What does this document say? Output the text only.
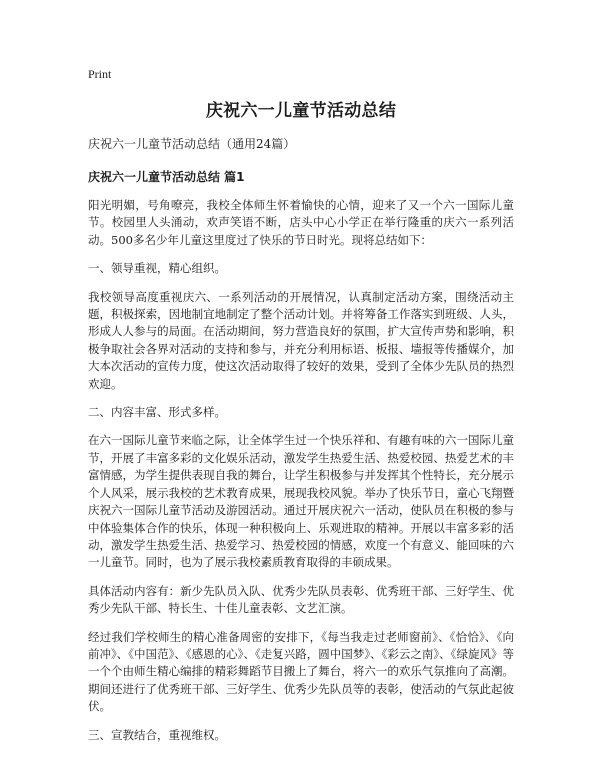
Print
庆祝六一儿童节活动总结
庆祝六一儿童节活动总结（通用24篇）
庆祝六一儿童节活动总结 篇1

阳光明媚，号角嘹亮，我校全体师生怀着愉快的心情，迎来了又一个六一国际儿童节。校园里人头涌动，欢声笑语不断，店头中心小学正在举行隆重的庆六一系列活动。500多名少年儿童这里度过了快乐的节日时光。现将总结如下：

一、领导重视，精心组织。

我校领导高度重视庆六、一系列活动的开展情况，认真制定活动方案，围绕活动主题，积极探索，因地制宜地制定了整个活动计划。并将筹备工作落实到班级、人头，形成人人参与的局面。在活动期间，努力营造良好的氛围，扩大宣传声势和影响，积极争取社会各界对活动的支持和参与，并充分利用标语、板报、墙报等传播媒介，加大本次活动的宣传力度，使这次活动取得了较好的效果，受到了全体少先队员的热烈欢迎。

二、内容丰富、形式多样。

在六一国际儿童节来临之际，让全体学生过一个快乐祥和、有趣有味的六一国际儿童节，开展了丰富多彩的文化娱乐活动，激发学生热爱生活、热爱校园、热爱艺术的丰富情感，为学生提供表现自我的舞台，让学生积极参与并发挥其个性特长，充分展示个人风采，展示我校的艺术教育成果，展现我校风貌。举办了快乐节日，童心飞翔暨庆祝六一国际儿童节活动及游园活动。通过开展庆祝六一活动，使队员在积极的参与中体验集体合作的快乐，体现一种积极向上、乐观进取的精神。开展以丰富多彩的活动，激发学生热爱生活、热爱学习、热爱校园的情感，欢度一个有意义、能回味的六一儿童节。同时，也为了展示我校素质教育取得的丰硕成果。

具体活动内容有：新少先队员入队、优秀少先队员表彰、优秀班干部、三好学生、优秀少先队干部、特长生、十佳儿童表彰、文艺汇演。

经过我们学校师生的精心准备周密的安排下，《每当我走过老师窗前》、《恰恰》、《向前冲》、《中国范》、《感恩的心》、《走复兴路，圆中国梦》、《彩云之南》、《绿旋风》等一个个由师生精心编排的精彩舞蹈节目搬上了舞台，将六一的欢乐气氛推向了高潮。期间还进行了优秀班干部、三好学生、优秀少先队员等的表彰，使活动的气氛此起彼伏。

三、宣教结合，重视维权。
